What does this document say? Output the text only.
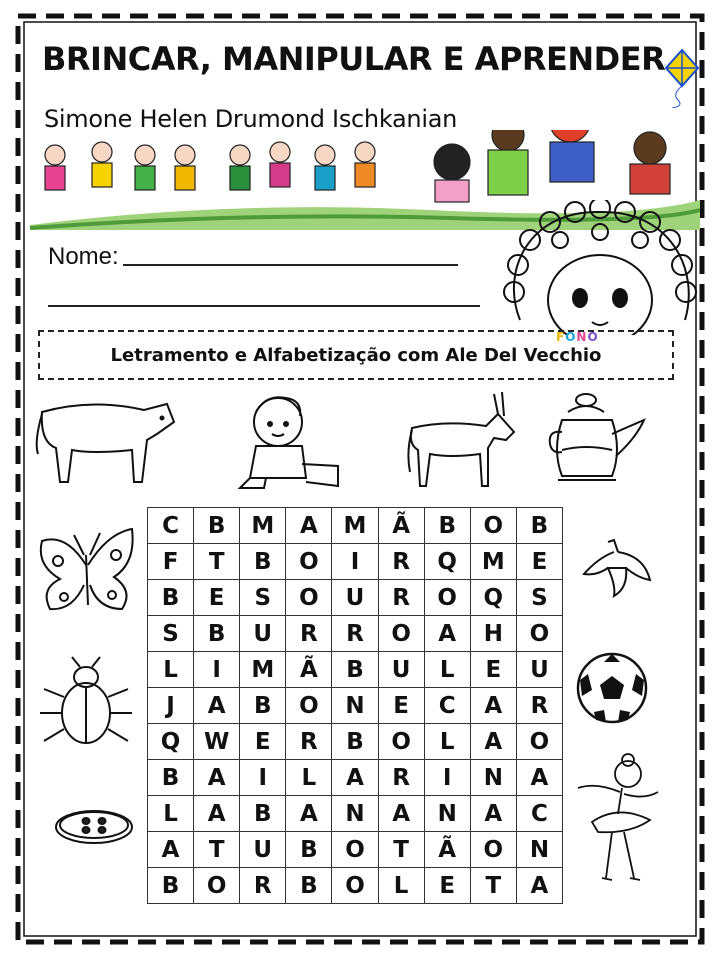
BRINCAR, MANIPULAR E APRENDER
Simone Helen Drumond Ischkanian
Nome:
Letramento e Alfabetização com Ale Del Vecchio
FONO
C	B	M	A	M	Ã	B	O	B
F	T	B	O	I	R	Q	M	E
B	E	S	O	U	R	O	Q	S
S	B	U	R	R	O	A	H	O
L	I	M	Ã	B	U	L	E	U
J	A	B	O	N	E	C	A	R
Q	W	E	R	B	O	L	A	O
B	A	I	L	A	R	I	N	A
L	A	B	A	N	A	N	A	C
A	T	U	B	O	T	Ã	O	N
B	O	R	B	O	L	E	T	A
